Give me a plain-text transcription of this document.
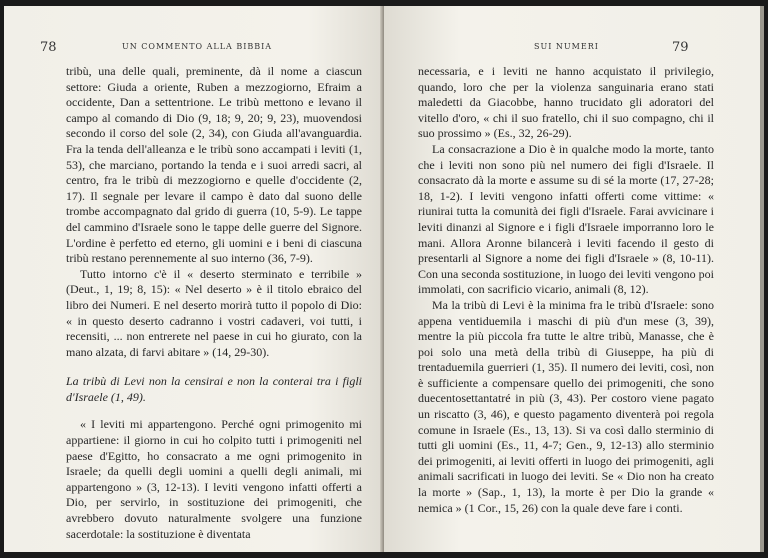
78	UN COMMENTO ALLA BIBBIA

tribù, una delle quali, preminente, dà il nome a ciascun settore: Giuda a oriente, Ruben a mezzogiorno, Efraim a occidente, Dan a settentrione. Le tribù mettono e levano il campo al comando di Dio (9, 18; 9, 20; 9, 23), muovendosi secondo il corso del sole (2, 34), con Giuda all'avanguardia. Fra la tenda dell'alleanza e le tribù sono accampati i leviti (1, 53), che marciano, portando la tenda e i suoi arredi sacri, al centro, fra le tribù di mezzogiorno e quelle d'occidente (2, 17). Il segnale per levare il campo è dato dal suono delle trombe accompagnato dal grido di guerra (10, 5-9). Le tappe del cammino d'Israele sono le tappe delle guerre del Signore. L'ordine è perfetto ed eterno, gli uomini e i beni di ciascuna tribù restano perennemente al suo interno (36, 7-9).

Tutto intorno c'è il « deserto sterminato e terribile » (Deut., 1, 19; 8, 15): « Nel deserto » è il titolo ebraico del libro dei Numeri. E nel deserto morirà tutto il popolo di Dio: « in questo deserto cadranno i vostri cadaveri, voi tutti, i recensiti, ... non entrerete nel paese in cui ho giurato, con la mano alzata, di farvi abitare » (14, 29-30).

La tribù di Levi non la censirai e non la conterai tra i figli d'Israele (1, 49).

« I leviti mi appartengono. Perché ogni primogenito mi appartiene: il giorno in cui ho colpito tutti i primogeniti nel paese d'Egitto, ho consacrato a me ogni primogenito in Israele; da quelli degli uomini a quelli degli animali, mi appartengono » (3, 12-13). I leviti vengono infatti offerti a Dio, per servirlo, in sostituzione dei primogeniti, che avrebbero dovuto naturalmente svolgere una funzione sacerdotale: la sostituzione è diventata

SUI NUMERI	79

necessaria, e i leviti ne hanno acquistato il privilegio, quando, loro che per la violenza sanguinaria erano stati maledetti da Giacobbe, hanno trucidato gli adoratori del vitello d'oro, « chi il suo fratello, chi il suo compagno, chi il suo prossimo » (Es., 32, 26-29).

La consacrazione a Dio è in qualche modo la morte, tanto che i leviti non sono più nel numero dei figli d'Israele. Il consacrato dà la morte e assume su di sé la morte (17, 27-28; 18, 1-2). I leviti vengono infatti offerti come vittime: « riunirai tutta la comunità dei figli d'Israele. Farai avvicinare i leviti dinanzi al Signore e i figli d'Israele imporranno loro le mani. Allora Aronne bilancerà i leviti facendo il gesto di presentarli al Signore a nome dei figli d'Israele » (8, 10-11). Con una seconda sostituzione, in luogo dei leviti vengono poi immolati, con sacrificio vicario, animali (8, 12).

Ma la tribù di Levi è la minima fra le tribù d'Israele: sono appena ventiduemila i maschi di più d'un mese (3, 39), mentre la più piccola fra tutte le altre tribù, Manasse, che è poi solo una metà della tribù di Giuseppe, ha più di trentaduemila guerrieri (1, 35). Il numero dei leviti, così, non è sufficiente a compensare quello dei primogeniti, che sono duecentosettantatré in più (3, 43). Per costoro viene pagato un riscatto (3, 46), e questo pagamento diventerà poi regola comune in Israele (Es., 13, 13). Si va così dallo sterminio di tutti gli uomini (Es., 11, 4-7; Gen., 9, 12-13) allo sterminio dei primogeniti, ai leviti offerti in luogo dei primogeniti, agli animali sacrificati in luogo dei leviti. Se « Dio non ha creato la morte » (Sap., 1, 13), la morte è per Dio la grande « nemica » (1 Cor., 15, 26) con la quale deve fare i conti.
